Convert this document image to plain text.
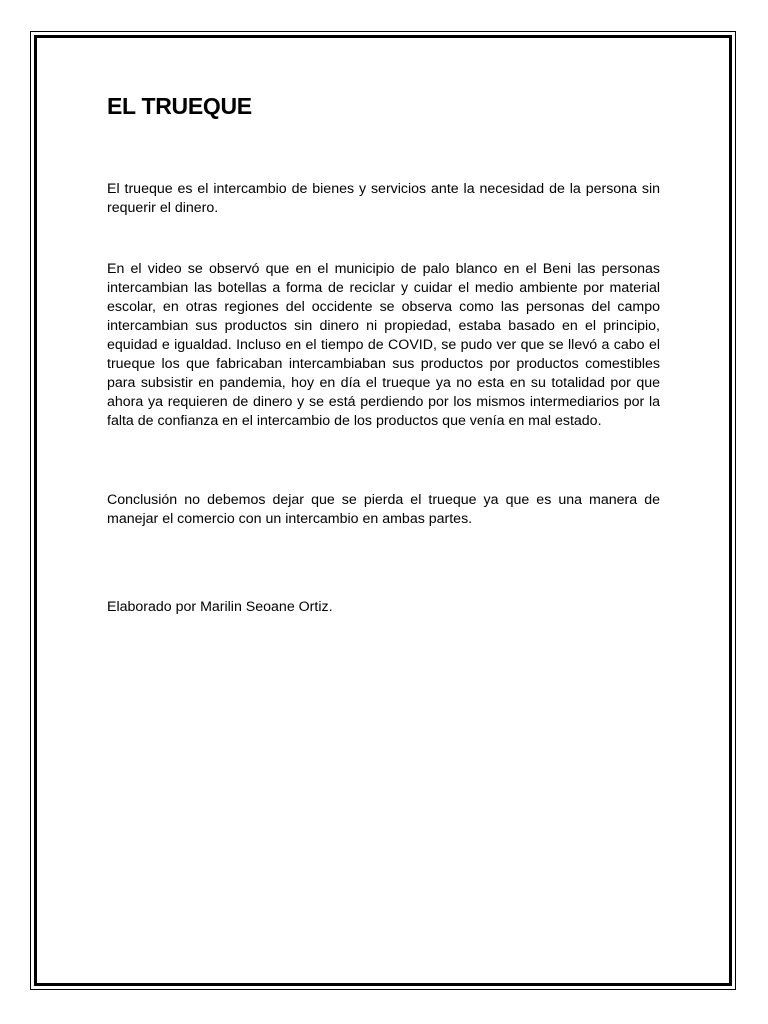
EL TRUEQUE

El trueque es el intercambio de bienes y servicios ante la necesidad de la persona sin requerir el dinero.

En el video se observó que en el municipio de palo blanco en el Beni las personas intercambian las botellas a forma de reciclar y cuidar el medio ambiente por material escolar, en otras regiones del occidente se observa como las personas del campo intercambian sus productos sin dinero ni propiedad, estaba basado en el principio, equidad e igualdad. Incluso en el tiempo de COVID, se pudo ver que se llevó a cabo el trueque los que fabricaban intercambiaban sus productos por productos comestibles para subsistir en pandemia, hoy en día el trueque ya no esta en su totalidad por que ahora ya requieren de dinero y se está perdiendo por los mismos intermediarios por la falta de confianza en el intercambio de los productos que venía en mal estado.

Conclusión no debemos dejar que se pierda el trueque ya que es una manera de manejar el comercio con un intercambio en ambas partes.

Elaborado por Marilin Seoane Ortiz.
